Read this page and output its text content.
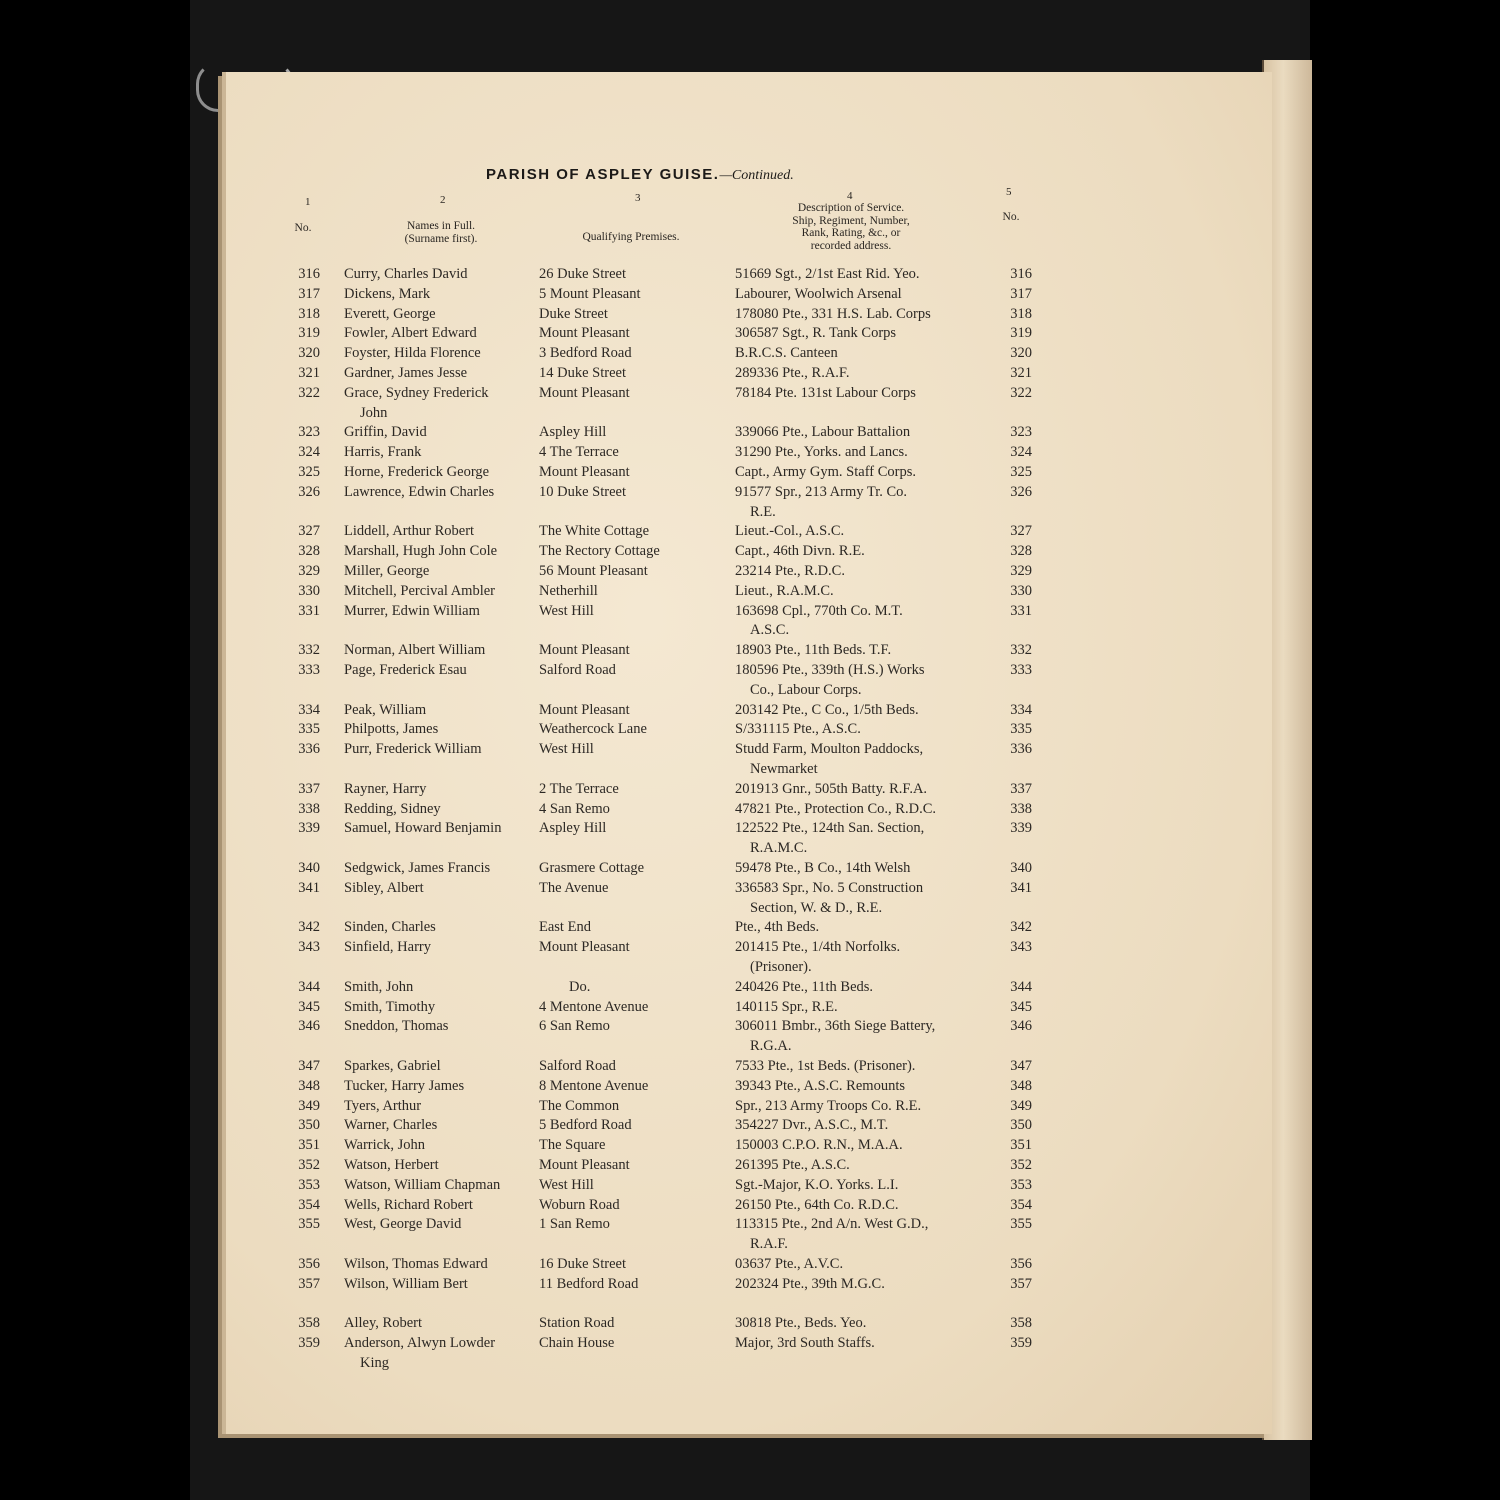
PARISH OF ASPLEY GUISE.—Continued.
1	2	3	4	5
No.	Names in Full.
(Surname first).	Qualifying Premises.
Description of Service.
Ship, Regiment, Number,
Rank, Rating, &c., or
recorded address.
No.
316 Curry, Charles David	26 Duke Street	51669 Sgt., 2/1st East Rid. Yeo.	316
317 Dickens, Mark	5 Mount Pleasant	Labourer, Woolwich Arsenal	317
318 Everett, George	Duke Street	178080 Pte., 331 H.S. Lab. Corps	318
319 Fowler, Albert Edward	Mount Pleasant	306587 Sgt., R. Tank Corps	319
320 Foyster, Hilda Florence	3 Bedford Road	B.R.C.S. Canteen	320
321 Gardner, James Jesse	14 Duke Street	289336 Pte., R.A.F.	321
322 Grace, Sydney Frederick	Mount Pleasant	78184 Pte. 131st Labour Corps	322
John
323 Griffin, David	Aspley Hill	339066 Pte., Labour Battalion	323
324 Harris, Frank	4 The Terrace	31290 Pte., Yorks. and Lancs.	324
325 Horne, Frederick George	Mount Pleasant	Capt., Army Gym. Staff Corps.	325
326 Lawrence, Edwin Charles	10 Duke Street	91577 Spr., 213 Army Tr. Co.	326
R.E.
327 Liddell, Arthur Robert	The White Cottage	Lieut.-Col., A.S.C.	327
328 Marshall, Hugh John Cole	The Rectory Cottage	Capt., 46th Divn. R.E.	328
329 Miller, George	56 Mount Pleasant	23214 Pte., R.D.C.	329
330 Mitchell, Percival Ambler	Netherhill	Lieut., R.A.M.C.	330
331 Murrer, Edwin William	West Hill	163698 Cpl., 770th Co. M.T.	331
A.S.C.
332 Norman, Albert William	Mount Pleasant	18903 Pte., 11th Beds. T.F.	332
333 Page, Frederick Esau	Salford Road	180596 Pte., 339th (H.S.) Works	333
Co., Labour Corps.
334 Peak, William	Mount Pleasant	203142 Pte., C Co., 1/5th Beds.	334
335 Philpotts, James	Weathercock Lane	S/331115 Pte., A.S.C.	335
336 Purr, Frederick William	West Hill	Studd Farm, Moulton Paddocks,	336
Newmarket
337 Rayner, Harry	2 The Terrace	201913 Gnr., 505th Batty. R.F.A.	337
338 Redding, Sidney	4 San Remo	47821 Pte., Protection Co., R.D.C.	338
339 Samuel, Howard Benjamin	Aspley Hill	122522 Pte., 124th San. Section,	339
R.A.M.C.
340 Sedgwick, James Francis	Grasmere Cottage	59478 Pte., B Co., 14th Welsh	340
341 Sibley, Albert	The Avenue	336583 Spr., No. 5 Construction	341
Section, W. & D., R.E.
342 Sinden, Charles	East End	Pte., 4th Beds.	342
343 Sinfield, Harry	Mount Pleasant	201415 Pte., 1/4th Norfolks.	343
(Prisoner).
344 Smith, John	Do.	240426 Pte., 11th Beds.	344
345 Smith, Timothy	4 Mentone Avenue	140115 Spr., R.E.	345
346 Sneddon, Thomas	6 San Remo	306011 Bmbr., 36th Siege Battery,	346
R.G.A.
347 Sparkes, Gabriel	Salford Road	7533 Pte., 1st Beds. (Prisoner).	347
348 Tucker, Harry James	8 Mentone Avenue	39343 Pte., A.S.C. Remounts	348
349 Tyers, Arthur	The Common	Spr., 213 Army Troops Co. R.E.	349
350 Warner, Charles	5 Bedford Road	354227 Dvr., A.S.C., M.T.	350
351 Warrick, John	The Square	150003 C.P.O. R.N., M.A.A.	351
352 Watson, Herbert	Mount Pleasant	261395 Pte., A.S.C.	352
353 Watson, William Chapman	West Hill	Sgt.-Major, K.O. Yorks. L.I.	353
354 Wells, Richard Robert	Woburn Road	26150 Pte., 64th Co. R.D.C.	354
355 West, George David	1 San Remo	113315 Pte., 2nd A/n. West G.D.,	355
R.A.F.
356 Wilson, Thomas Edward	16 Duke Street	03637 Pte., A.V.C.	356
357 Wilson, William Bert	11 Bedford Road	202324 Pte., 39th M.G.C.	357
358 Alley, Robert	Station Road	30818 Pte., Beds. Yeo.	358
359 Anderson, Alwyn Lowder	Chain House	Major, 3rd South Staffs.	359
King
